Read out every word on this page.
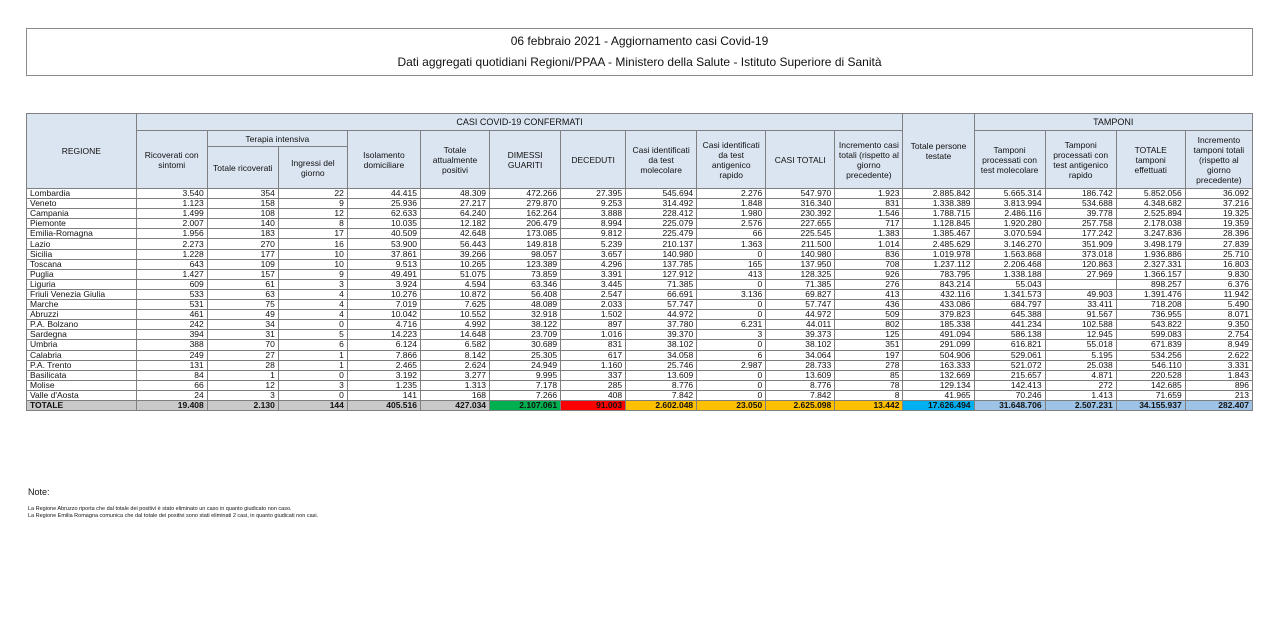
06 febbraio 2021 - Aggiornamento casi Covid-19
Dati aggregati quotidiani Regioni/PPAA - Ministero della Salute - Istituto Superiore di Sanità
REGIONE	CASI COVID-19 CONFERMATI											Totale persone testate	TAMPONI			
	Ricoverati con sintomi	Terapia intensiva		Isolamento domiciliare	Totale attualmente positivi	DIMESSI GUARITI	DECEDUTI	Casi identificati da test molecolare	Casi identificati da test antigenico rapido	CASI TOTALI	Incremento casi totali (rispetto al giorno precedente)		Tamponi processati con test molecolare	Tamponi processati con test antigenico rapido	TOTALE tamponi effettuati	Incremento tamponi totali (rispetto al giorno precedente)
		Totale ricoverati	Ingressi del giorno													
Lombardia	3.540	354	22	44.415	48.309	472.266	27.395	545.694	2.276	547.970	1.923	2.885.842	5.665.314	186.742	5.852.056	36.092
Veneto	1.123	158	9	25.936	27.217	279.870	9.253	314.492	1.848	316.340	831	1.338.389	3.813.994	534.688	4.348.682	37.216
Campania	1.499	108	12	62.633	64.240	162.264	3.888	228.412	1.980	230.392	1.546	1.788.715	2.486.116	39.778	2.525.894	19.325
Piemonte	2.007	140	8	10.035	12.182	206.479	8.994	225.079	2.576	227.655	717	1.128.845	1.920.280	257.758	2.178.038	19.359
Emilia-Romagna	1.956	183	17	40.509	42.648	173.085	9.812	225.479	66	225.545	1.383	1.385.467	3.070.594	177.242	3.247.836	28.396
Lazio	2.273	270	16	53.900	56.443	149.818	5.239	210.137	1.363	211.500	1.014	2.485.629	3.146.270	351.909	3.498.179	27.839
Sicilia	1.228	177	10	37.861	39.266	98.057	3.657	140.980	0	140.980	836	1.019.978	1.563.868	373.018	1.936.886	25.710
Toscana	643	109	10	9.513	10.265	123.389	4.296	137.785	165	137.950	708	1.237.112	2.206.468	120.863	2.327.331	16.803
Puglia	1.427	157	9	49.491	51.075	73.859	3.391	127.912	413	128.325	926	783.795	1.338.188	27.969	1.366.157	9.830
Liguria	609	61	3	3.924	4.594	63.346	3.445	71.385	0	71.385	276	843.214	55.043		898.257	6.376
Friuli Venezia Giulia	533	63	4	10.276	10.872	56.408	2.547	66.691	3.136	69.827	413	432.116	1.341.573	49.903	1.391.476	11.942
Marche	531	75	4	7.019	7.625	48.089	2.033	57.747	0	57.747	436	433.086	684.797	33.411	718.208	5.490
Abruzzi	461	49	4	10.042	10.552	32.918	1.502	44.972	0	44.972	509	379.823	645.388	91.567	736.955	8.071
P.A. Bolzano	242	34	0	4.716	4.992	38.122	897	37.780	6.231	44.011	802	185.338	441.234	102.588	543.822	9.350
Sardegna	394	31	5	14.223	14.648	23.709	1.016	39.370	3	39.373	125	491.094	586.138	12.945	599.083	2.754
Umbria	388	70	6	6.124	6.582	30.689	831	38.102	0	38.102	351	291.099	616.821	55.018	671.839	8.949
Calabria	249	27	1	7.866	8.142	25.305	617	34.058	6	34.064	197	504.906	529.061	5.195	534.256	2.622
P.A. Trento	131	28	1	2.465	2.624	24.949	1.160	25.746	2.987	28.733	278	163.333	521.072	25.038	546.110	3.331
Basilicata	84	1	0	3.192	3.277	9.995	337	13.609	0	13.609	85	132.669	215.657	4.871	220.528	1.843
Molise	66	12	3	1.235	1.313	7.178	285	8.776	0	8.776	78	129.134	142.413	272	142.685	896
Valle d'Aosta	24	3	0	141	168	7.266	408	7.842	0	7.842	8	41.965	70.246	1.413	71.659	213
TOTALE	19.408	2.130	144	405.516	427.034	2.107.061	91.003	2.602.048	23.050	2.625.098	13.442	17.626.494	31.648.706	2.507.231	34.155.937	282.407
Note:
La Regione Abruzzo riporta che dal totale dei positivi è stato eliminato un caso in quanto giudicato non caso.
La Regione Emilia Romagna comunica che dal totale dei positivi sono stati eliminati 2 casi, in quanto giudicati non casi.
